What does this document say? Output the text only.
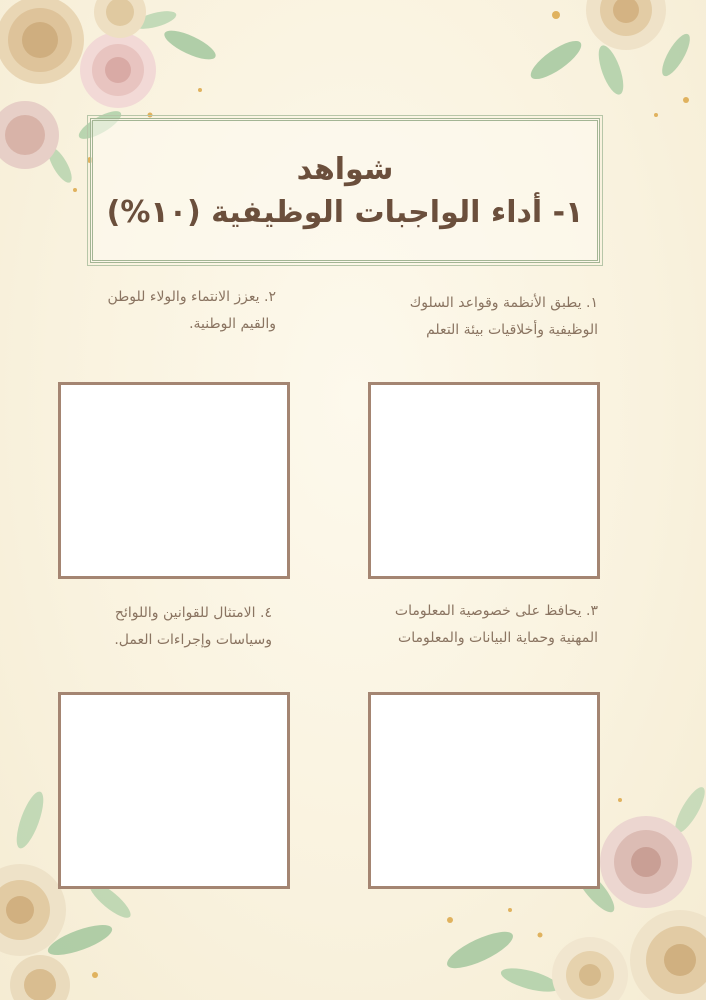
شواهد
١- أداء الواجبات الوظيفية (١٠%)
١. يطبق الأنظمة وقواعد السلوك الوظيفية وأخلاقيات بيئة التعلم
٢. يعزز الانتماء والولاء للوطن والقيم الوطنية.
٣. يحافظ على خصوصية المعلومات المهنية وحماية البيانات والمعلومات
٤. الامتثال للقوانين واللوائح وسياسات وإجراءات العمل.
